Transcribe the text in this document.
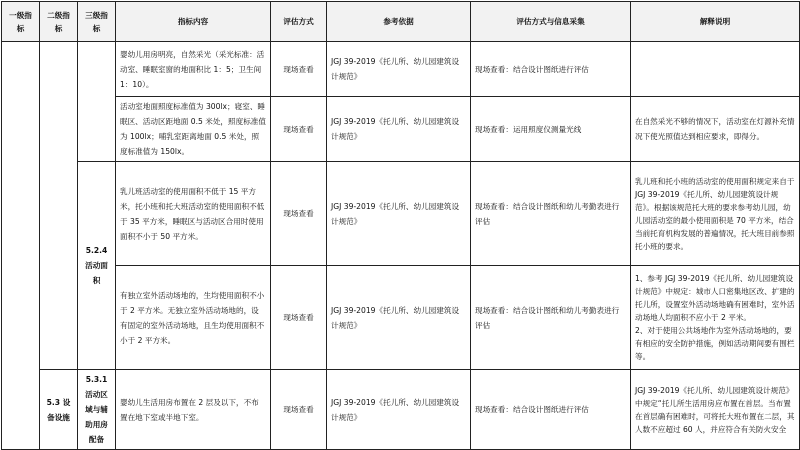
一级指标	二级指标	三级指标	指标内容	评估方式	参考依据	评估方式与信息采集	解释说明
			婴幼儿用房明亮，自然采光（采光标准：活动室、睡眠室窗的地面积比 1：5；卫生间 1：10）。	现场查看	JGJ 39-2019《托儿所、幼儿园建筑设计规范》	现场查看：结合设计图纸进行评估	
			活动室地面照度标准值为 300lx；寝室、睡眠区、活动区距地面 0.5 米处，照度标准值为 100lx；哺乳室距离地面 0.5 米处，照度标准值为 150lx。	现场查看	JGJ 39-2019《托儿所、幼儿园建筑设计规范》	现场查看：运用照度仪测量光线	在自然采光不够的情况下，活动室在灯源补充情况下使光照值达到相应要求，即得分。
		5.2.4 活动面积	乳儿班活动室的使用面积不低于 15 平方米，托小班和托大班活动室的使用面积不低于 35 平方米，睡眠区与活动区合用时使用面积不小于 50 平方米。	现场查看	JGJ 39-2019《托儿所、幼儿园建筑设计规范》	现场查看：结合设计图纸和幼儿考勤表进行评估	乳儿班和托小班的活动室的使用面积规定来自于 JGJ 39-2019《托儿所、幼儿园建筑设计规范》。根据该规范托大班的要求参考幼儿园，幼儿园活动室的最小使用面积是 70 平方米，结合当前托育机构发展的普遍情况，托大班目前参照托小班的要求。
			有独立室外活动场地的，生均使用面积不小于 2 平方米。无独立室外活动场地的，设有固定的室外活动场地，且生均使用面积不小于 2 平方米。	现场查看	JGJ 39-2019《托儿所、幼儿园建筑设计规范》	现场查看：结合设计图纸和幼儿考勤表进行评估	1、参考 JGJ 39-2019《托儿所、幼儿园建筑设计规范》中规定：城市人口密集地区改、扩建的托儿所，设置室外活动场地确有困难时，室外活动场地人均面积不应小于 2 平米。
2、对于使用公共场地作为室外活动场地的，要有相应的安全防护措施，例如活动期间要有围栏等。
	5.3 设备设施	5.3.1 活动区域与辅助用房配备	婴幼儿生活用房布置在 2 层及以下，不布置在地下室或半地下室。	现场查看	JGJ 39-2019《托儿所、幼儿园建筑设计规范》	现场查看：结合设计图纸进行评估	JGJ 39-2019《托儿所、幼儿园建筑设计规范》中规定“托儿所生活用房应布置在首层。当布置在首层确有困难时，可将托大班布置在二层，其人数不应超过 60 人，并应符合有关防火安全
